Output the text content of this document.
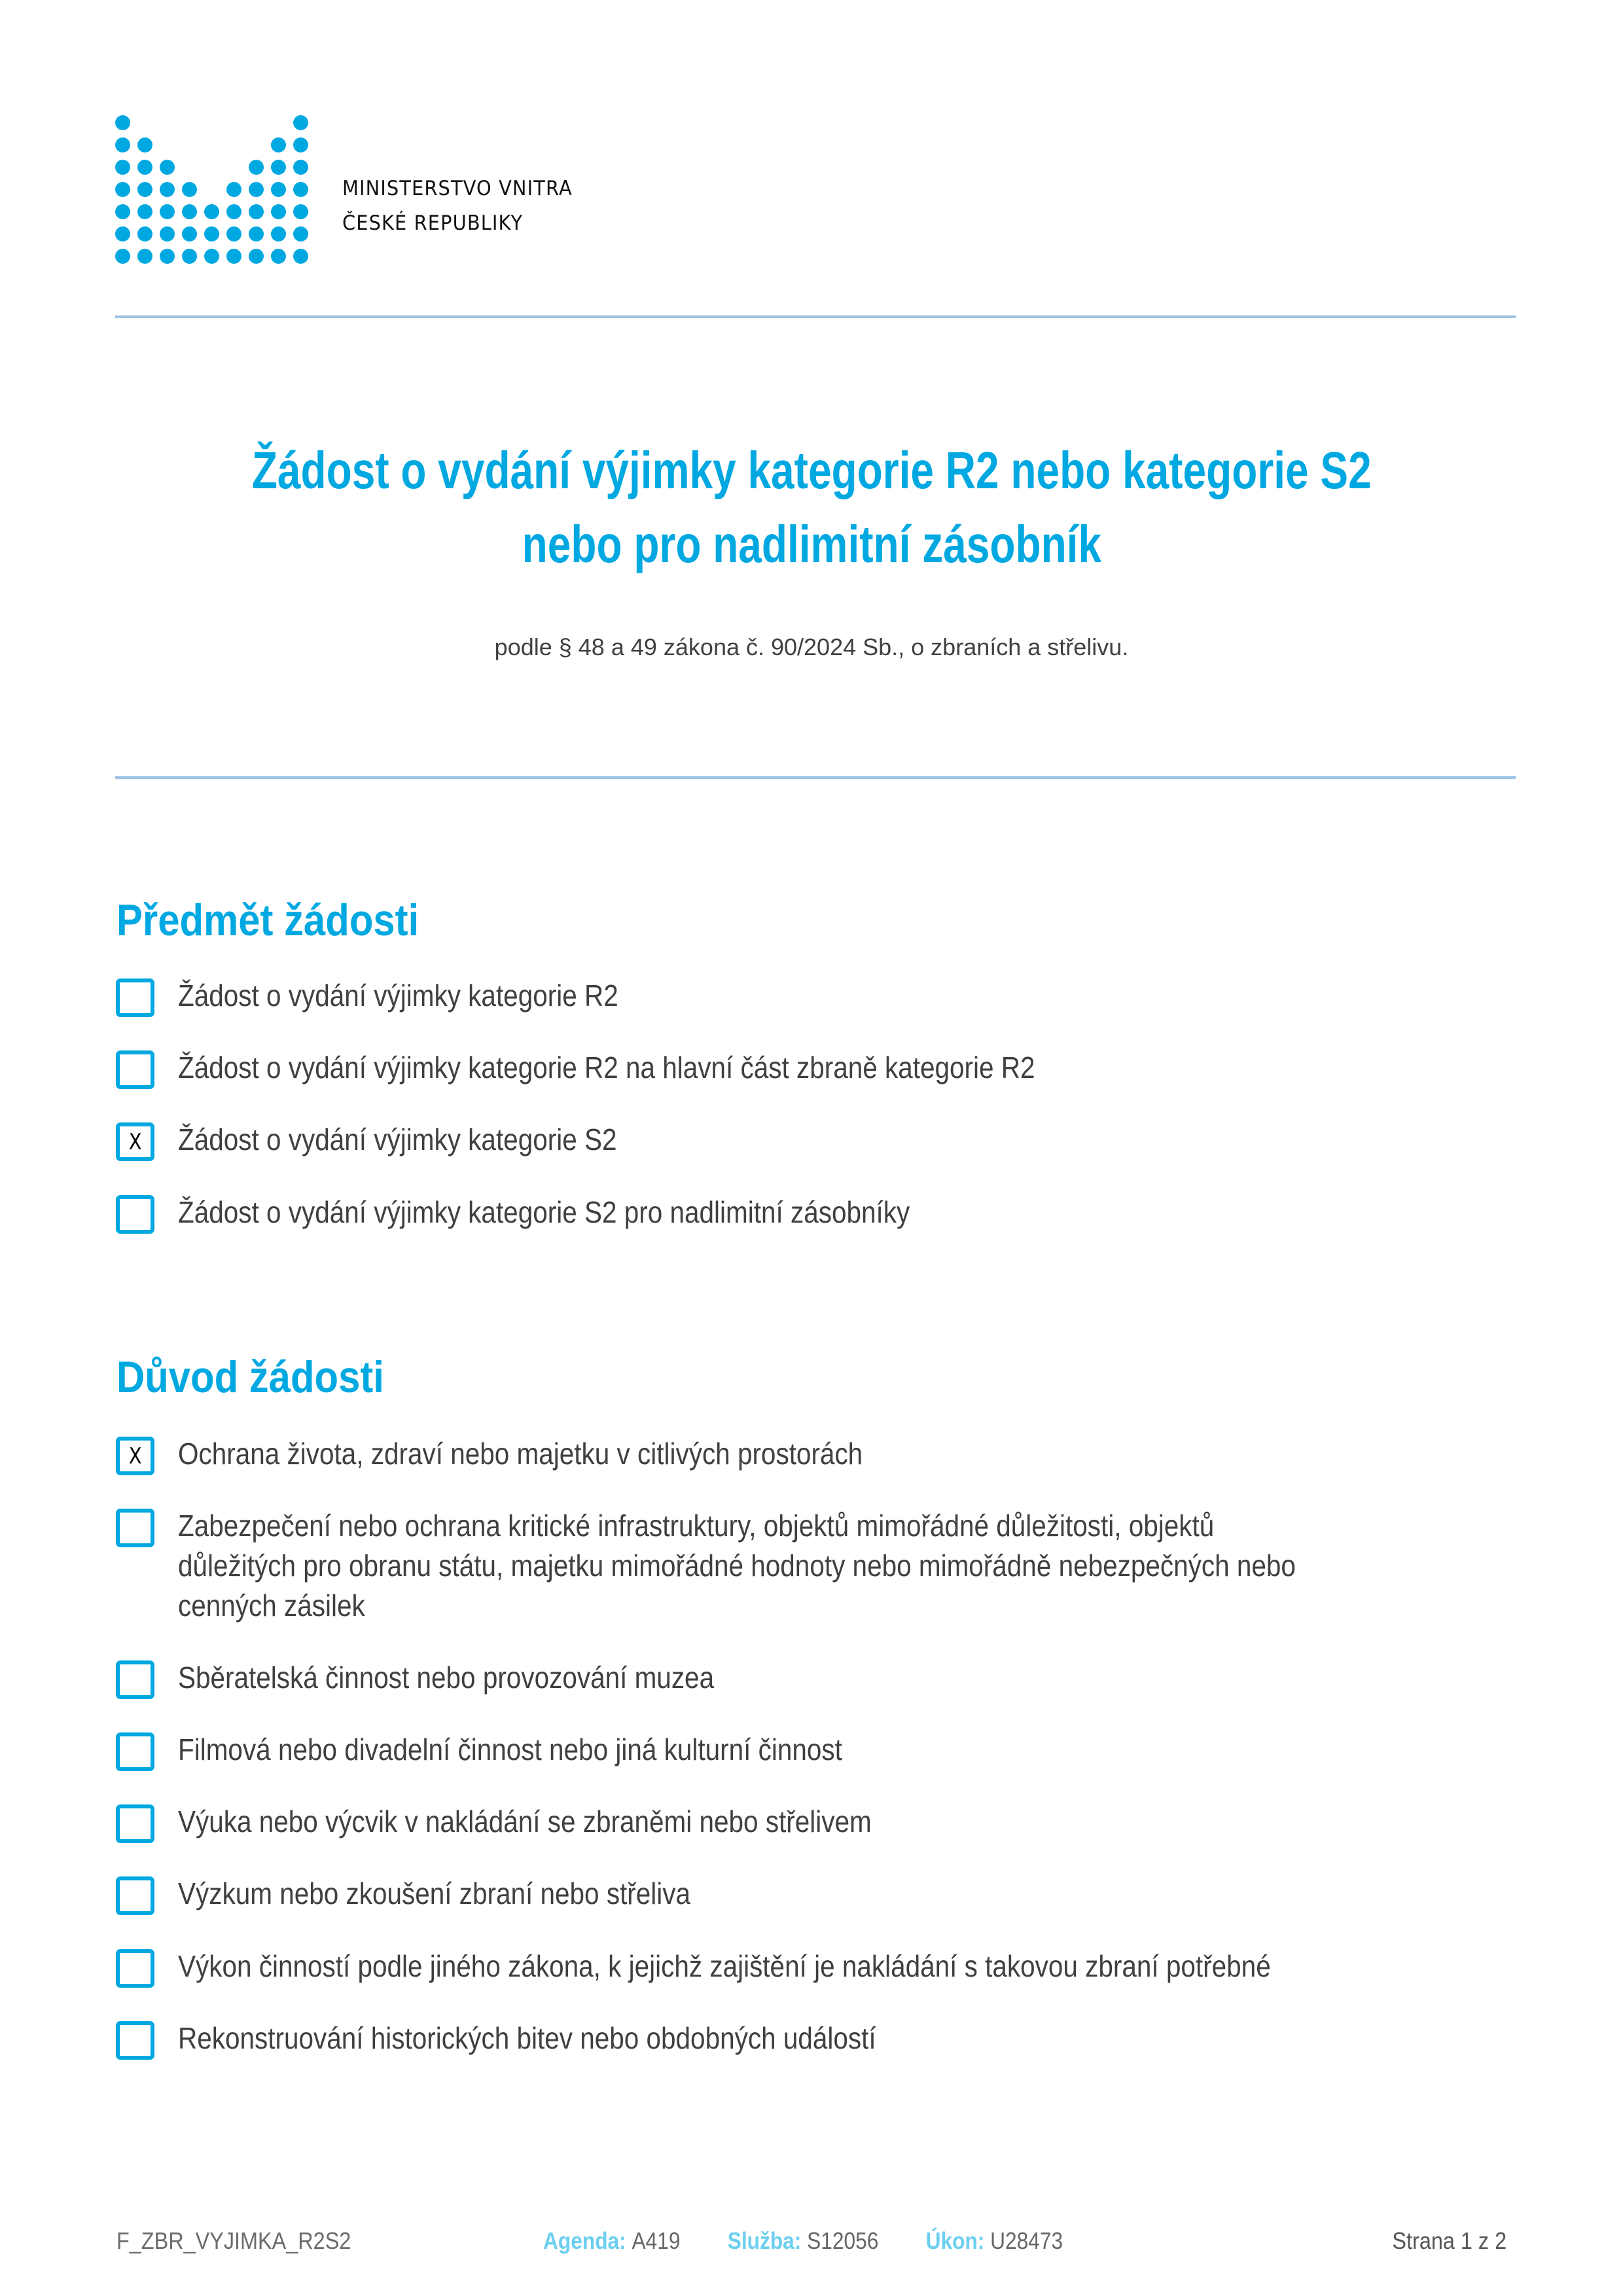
MINISTERSTVO VNITRA
ČESKÉ REPUBLIKY
Žádost o vydání výjimky kategorie R2 nebo kategorie S2
nebo pro nadlimitní zásobník
podle § 48 a 49 zákona č. 90/2024 Sb., o zbraních a střelivu.
Předmět žádosti
Žádost o vydání výjimky kategorie R2
Žádost o vydání výjimky kategorie R2 na hlavní část zbraně kategorie R2
X Žádost o vydání výjimky kategorie S2
Žádost o vydání výjimky kategorie S2 pro nadlimitní zásobníky
Důvod žádosti
X Ochrana života, zdraví nebo majetku v citlivých prostorách
Zabezpečení nebo ochrana kritické infrastruktury, objektů mimořádné důležitosti, objektů
důležitých pro obranu státu, majetku mimořádné hodnoty nebo mimořádně nebezpečných nebo
cenných zásilek
Sběratelská činnost nebo provozování muzea
Filmová nebo divadelní činnost nebo jiná kulturní činnost
Výuka nebo výcvik v nakládání se zbraněmi nebo střelivem
Výzkum nebo zkoušení zbraní nebo střeliva
Výkon činností podle jiného zákona, k jejichž zajištění je nakládání s takovou zbraní potřebné
Rekonstruování historických bitev nebo obdobných událostí
F_ZBR_VYJIMKA_R2S2	Agenda: A419 Služba: S12056 Úkon: U28473	Strana 1 z 2
